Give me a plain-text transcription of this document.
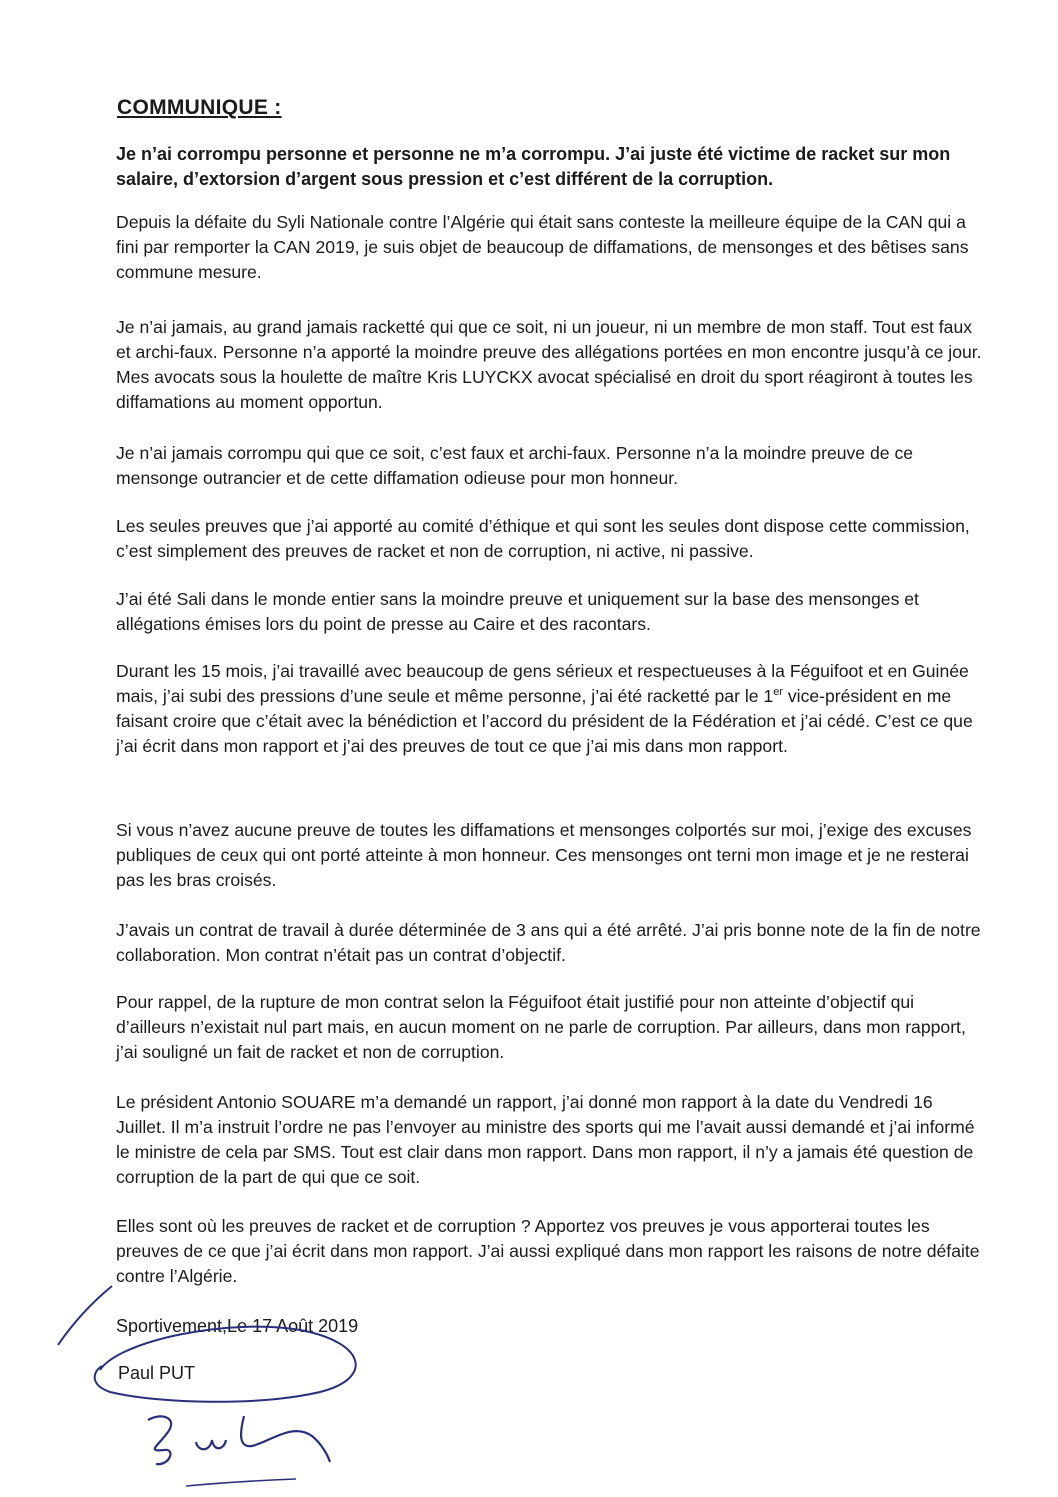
COMMUNIQUE :
Je n’ai corrompu personne et personne ne m’a corrompu. J’ai juste été victime de racket sur mon salaire, d’extorsion d’argent sous pression et c’est différent de la corruption.
Depuis la défaite du Syli Nationale contre l’Algérie qui était sans conteste la meilleure équipe de la CAN qui a fini par remporter la CAN 2019, je suis objet de beaucoup de diffamations, de mensonges et des bêtises sans commune mesure.
Je n’ai jamais, au grand jamais racketté qui que ce soit, ni un joueur, ni un membre de mon staff. Tout est faux et archi-faux. Personne n’a apporté la moindre preuve des allégations portées en mon encontre jusqu’à ce jour. Mes avocats sous la houlette de maître Kris LUYCKX avocat spécialisé en droit du sport réagiront à toutes les diffamations au moment opportun.
Je n’ai jamais corrompu qui que ce soit, c’est faux et archi-faux. Personne n’a la moindre preuve de ce mensonge outrancier et de cette diffamation odieuse pour mon honneur.
Les seules preuves que j’ai apporté au comité d’éthique et qui sont les seules dont dispose cette commission, c’est simplement des preuves de racket et non de corruption, ni active, ni passive.
J’ai été Sali dans le monde entier sans la moindre preuve et uniquement sur la base des mensonges et allégations émises lors du point de presse au Caire et des racontars.
Durant les 15 mois, j’ai travaillé avec beaucoup de gens sérieux et respectueuses à la Féguifoot et en Guinée mais, j’ai subi des pressions d’une seule et même personne, j’ai été racketté par le 1er vice-président en me faisant croire que c’était avec la bénédiction et l’accord du président de la Fédération et j’ai cédé. C’est ce que j’ai écrit dans mon rapport et j’ai des preuves de tout ce que j’ai mis dans mon rapport.
Si vous n’avez aucune preuve de toutes les diffamations et mensonges colportés sur moi, j’exige des excuses publiques de ceux qui ont porté atteinte à mon honneur. Ces mensonges ont terni mon image et je ne resterai pas les bras croisés.
J’avais un contrat de travail à durée déterminée de 3 ans qui a été arrêté. J’ai pris bonne note de la fin de notre collaboration. Mon contrat n’était pas un contrat d’objectif.
Pour rappel, de la rupture de mon contrat selon la Féguifoot était justifié pour non atteinte d’objectif qui d’ailleurs n’existait nul part mais, en aucun moment on ne parle de corruption. Par ailleurs, dans mon rapport, j’ai souligné un fait de racket et non de corruption.
Le président Antonio SOUARE m’a demandé un rapport, j’ai donné mon rapport à la date du Vendredi 16 Juillet. Il m’a instruit l’ordre ne pas l’envoyer au ministre des sports qui me l’avait aussi demandé et j’ai informé le ministre de cela par SMS. Tout est clair dans mon rapport. Dans mon rapport, il n’y a jamais été question de corruption de la part de qui que ce soit.
Elles sont où les preuves de racket et de corruption ? Apportez vos preuves je vous apporterai toutes les preuves de ce que j’ai écrit dans mon rapport. J’ai aussi expliqué dans mon rapport les raisons de notre défaite contre l’Algérie.
Sportivement,Le 17 Août 2019
Paul PUT
